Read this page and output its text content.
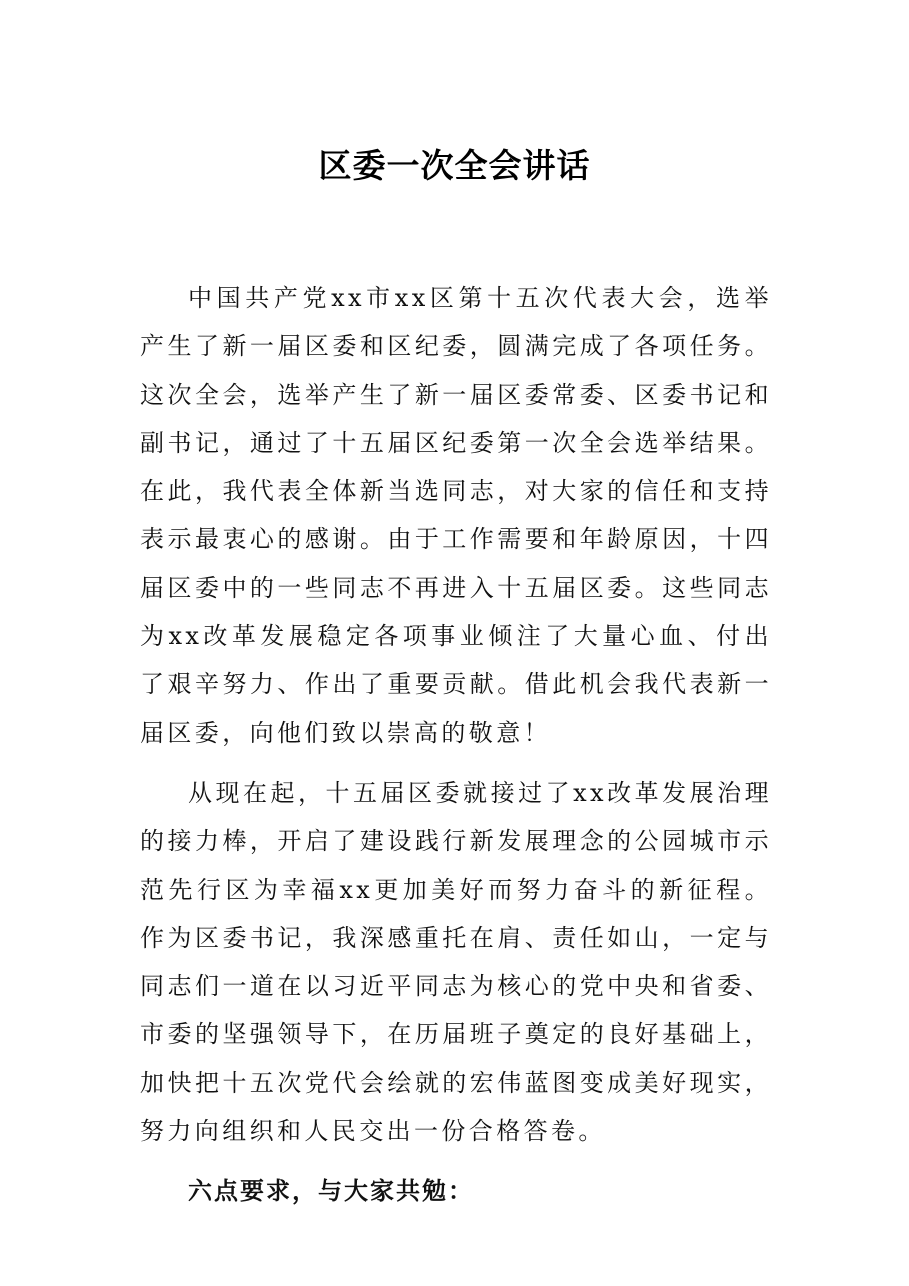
区委一次全会讲话

中国共产党xx市xx区第十五次代表大会，选举产生了新一届区委和区纪委，圆满完成了各项任务。这次全会，选举产生了新一届区委常委、区委书记和副书记，通过了十五届区纪委第一次全会选举结果。在此，我代表全体新当选同志，对大家的信任和支持表示最衷心的感谢。由于工作需要和年龄原因，十四届区委中的一些同志不再进入十五届区委。这些同志为xx改革发展稳定各项事业倾注了大量心血、付出了艰辛努力、作出了重要贡献。借此机会我代表新一届区委，向他们致以崇高的敬意！

从现在起，十五届区委就接过了xx改革发展治理的接力棒，开启了建设践行新发展理念的公园城市示范先行区为幸福xx更加美好而努力奋斗的新征程。作为区委书记，我深感重托在肩、责任如山，一定与同志们一道在以习近平同志为核心的党中央和省委、市委的坚强领导下，在历届班子奠定的良好基础上，加快把十五次党代会绘就的宏伟蓝图变成美好现实，努力向组织和人民交出一份合格答卷。

六点要求，与大家共勉：
